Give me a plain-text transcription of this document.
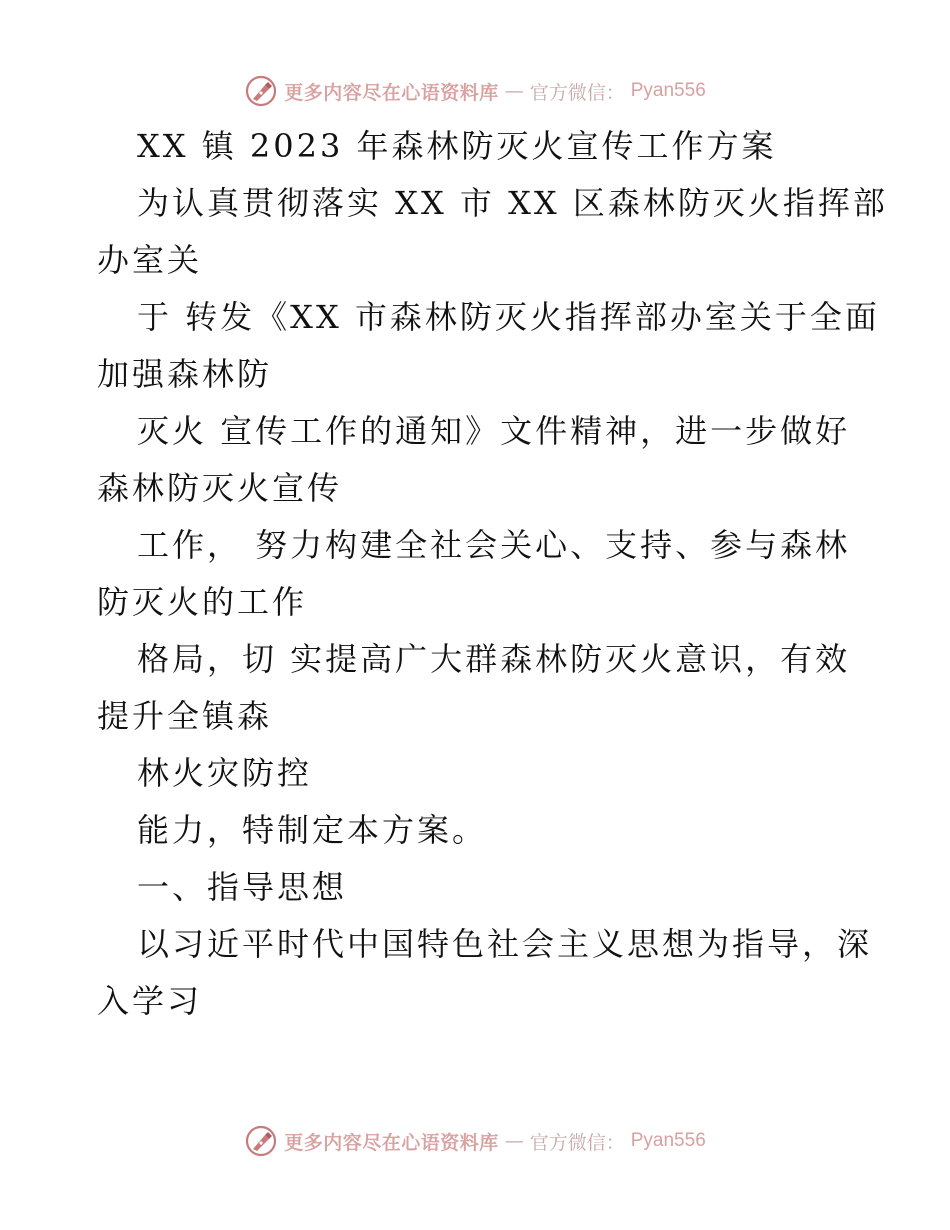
更多内容尽在心语资料库 — 官方微信： Pyan556
XX 镇 2023 年森林防灭火宣传工作方案
为认真贯彻落实 XX 市 XX 区森林防灭火指挥部
办室关
于 转发《XX 市森林防灭火指挥部办室关于全面
加强森林防
灭火 宣传工作的通知》文件精神，进一步做好
森林防灭火宣传
工作， 努力构建全社会关心、支持、参与森林
防灭火的工作
格局，切 实提高广大群森林防灭火意识，有效
提升全镇森
林火灾防控
能力，特制定本方案。
一、指导思想
以习近平时代中国特色社会主义思想为指导，深
入学习
更多内容尽在心语资料库 — 官方微信： Pyan556
